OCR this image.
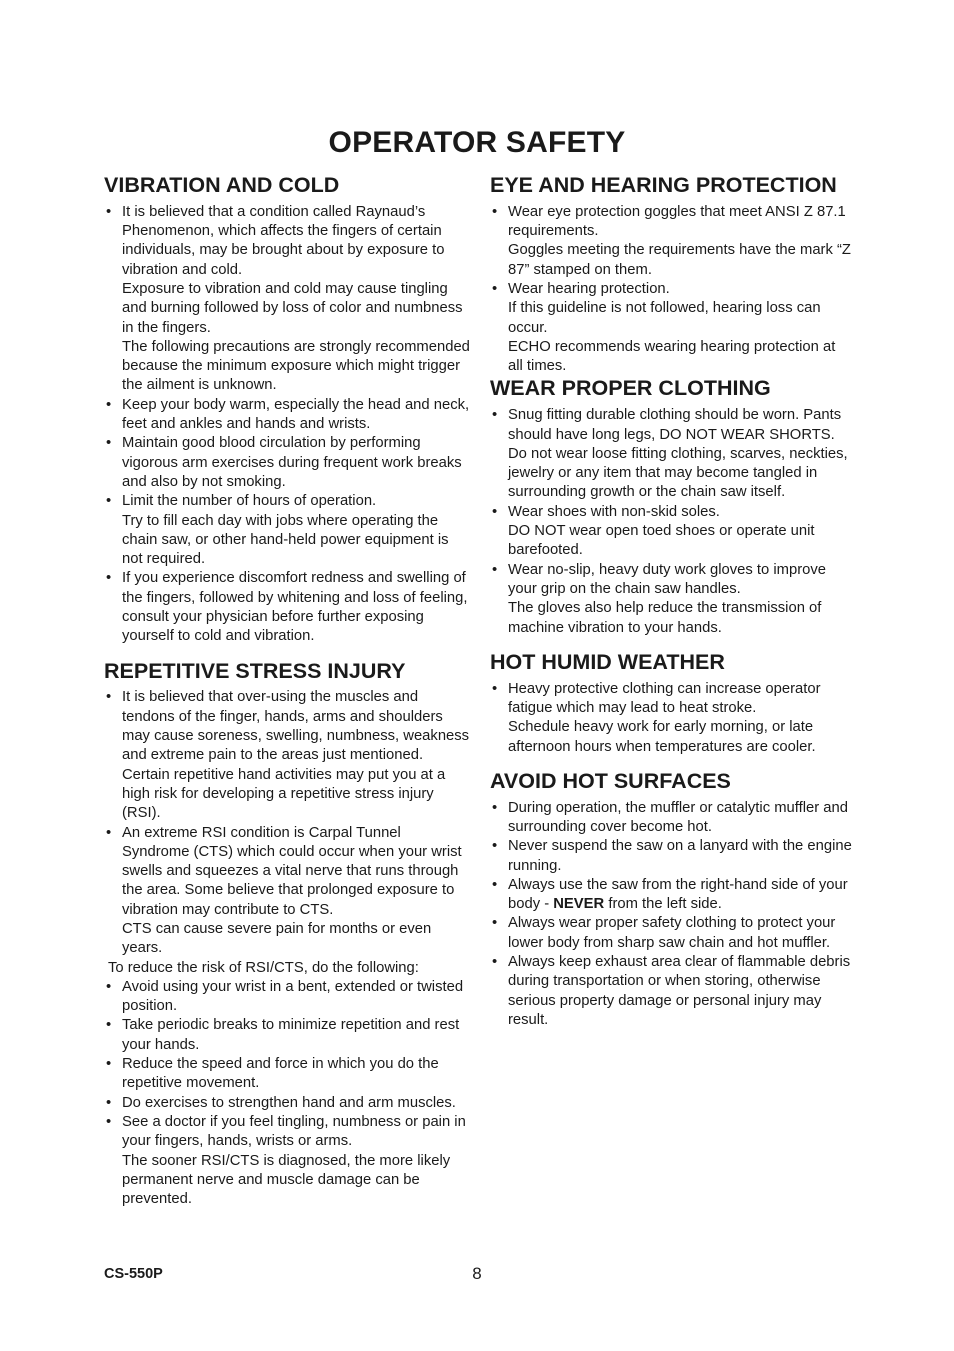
OPERATOR SAFETY
VIBRATION AND COLD
• It is believed that a condition called Raynaud’s Phenomenon, which affects the fingers of certain individuals, may be brought about by exposure to vibration and cold.
Exposure to vibration and cold may cause tingling and burning followed by loss of color and numbness in the fingers.
The following precautions are strongly recommended because the minimum exposure which might trigger the ailment is unknown.
• Keep your body warm, especially the head and neck, feet and ankles and hands and wrists.
• Maintain good blood circulation by performing vigorous arm exercises during frequent work breaks and also by not smoking.
• Limit the number of hours of operation.
Try to fill each day with jobs where operating the chain saw, or other hand-held power equipment is not required.
• If you experience discomfort redness and swelling of the fingers, followed by whitening and loss of feeling, consult your physician before further exposing yourself to cold and vibration.
REPETITIVE STRESS INJURY
• It is believed that over-using the muscles and tendons of the finger, hands, arms and shoulders may cause soreness, swelling, numbness, weakness and extreme pain to the areas just mentioned.
Certain repetitive hand activities may put you at a high risk for developing a repetitive stress injury (RSI).
• An extreme RSI condition is Carpal Tunnel Syndrome (CTS) which could occur when your wrist swells and squeezes a vital nerve that runs through the area. Some believe that prolonged exposure to vibration may contribute to CTS.
CTS can cause severe pain for months or even years.
To reduce the risk of RSI/CTS, do the following:
• Avoid using your wrist in a bent, extended or twisted position.
• Take periodic breaks to minimize repetition and rest your hands.
• Reduce the speed and force in which you do the repetitive movement.
• Do exercises to strengthen hand and arm muscles.
• See a doctor if you feel tingling, numbness or pain in your fingers, hands, wrists or arms.
The sooner RSI/CTS is diagnosed, the more likely permanent nerve and muscle damage can be prevented.
EYE AND HEARING PROTECTION
• Wear eye protection goggles that meet ANSI Z 87.1 requirements.
Goggles meeting the requirements have the mark “Z 87” stamped on them.
• Wear hearing protection.
If this guideline is not followed, hearing loss can occur.
ECHO recommends wearing hearing protection at all times.
WEAR PROPER CLOTHING
• Snug fitting durable clothing should be worn. Pants should have long legs, DO NOT WEAR SHORTS.
Do not wear loose fitting clothing, scarves, neckties, jewelry or any item that may become tangled in surrounding growth or the chain saw itself.
• Wear shoes with non-skid soles.
DO NOT wear open toed shoes or operate unit barefooted.
• Wear no-slip, heavy duty work gloves to improve your grip on the chain saw handles.
The gloves also help reduce the transmission of machine vibration to your hands.
HOT HUMID WEATHER
• Heavy protective clothing can increase operator fatigue which may lead to heat stroke.
Schedule heavy work for early morning, or late afternoon hours when temperatures are cooler.
AVOID HOT SURFACES
• During operation, the muffler or catalytic muffler and surrounding cover become hot.
• Never suspend the saw on a lanyard with the engine running.
• Always use the saw from the right-hand side of your body - NEVER from the left side.
• Always wear proper safety clothing to protect your lower body from sharp saw chain and hot muffler.
• Always keep exhaust area clear of flammable debris during transportation or when storing, otherwise serious property damage or personal injury may result.
CS-550P	8
